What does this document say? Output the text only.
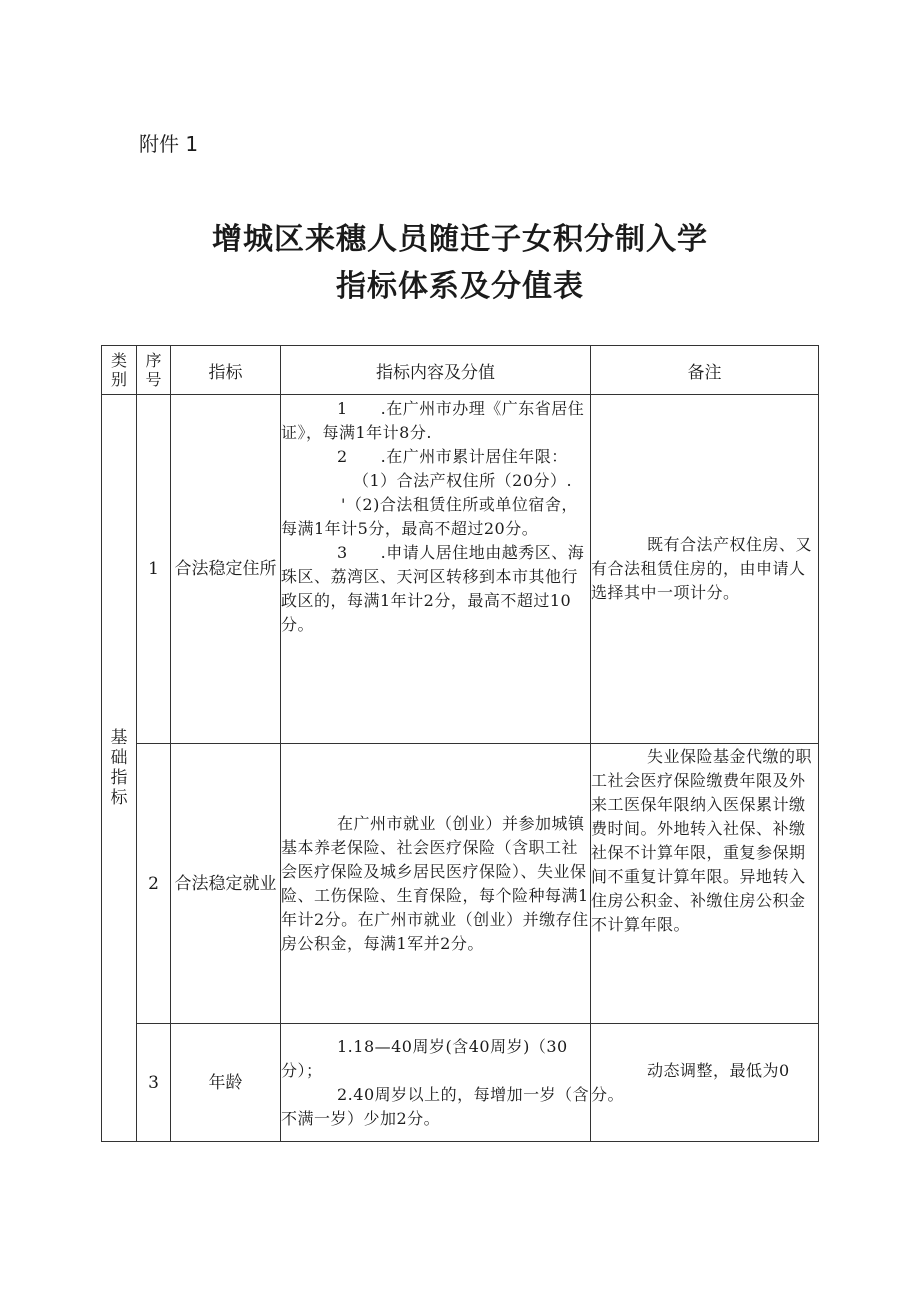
附件 1
增城区来穗人员随迁子女积分制入学
指标体系及分值表
类别	序号	指标	指标内容及分值	备注

基础指标	1	合法稳定住所	1　　.在广州市办理《广东省居住证》，每满1年计8分.

2　　.在广州市累计居住年限：

（1）合法产权住所（20分）.

'（2)合法租赁住所或单位宿舍，每满1年计5分，最高不超过20分。

3　　.申请人居住地由越秀区、海珠区、荔湾区、天河区转移到本市其他行政区的，每满1年计2分，最高不超过10分。	既有合法产权住房、又有合法租赁住房的，由申请人选择其中一项计分。

	2	合法稳定就业	在广州市就业（创业）并参加城镇基本养老保险、社会医疗保险（含职工社会医疗保险及城乡居民医疗保险）、失业保险、工伤保险、生育保险，每个险种每满1年计2分。在广州市就业（创业）并缴存住房公积金，每满1军并2分。	失业保险基金代缴的职工社会医疗保险缴费年限及外来工医保年限纳入医保累计缴费时间。外地转入社保、补缴社保不计算年限，重复参保期间不重复计算年限。异地转入住房公积金、补缴住房公积金不计算年限。

	3	年龄	1.18—40周岁(含40周岁)（30分）；

2.40周岁以上的，每增加一岁（含不满一岁）少加2分。	动态调整，最低为0分。
